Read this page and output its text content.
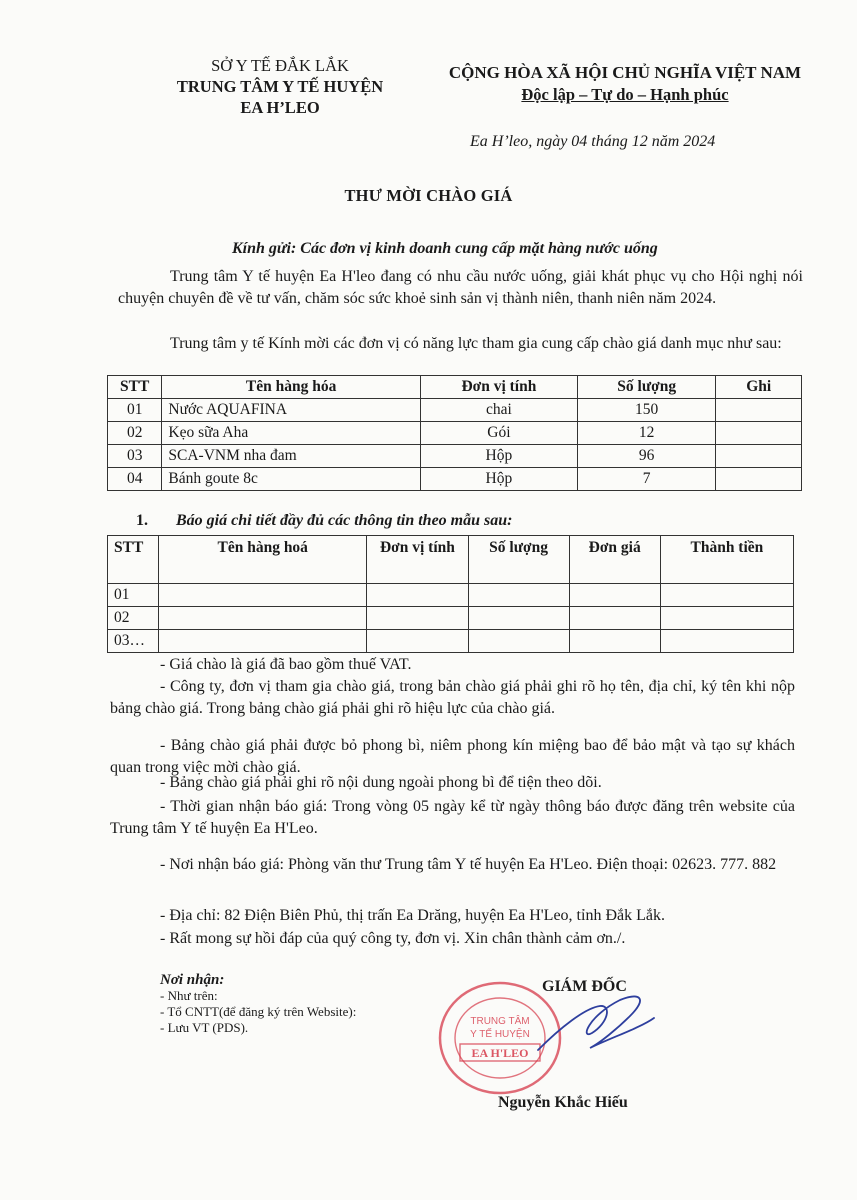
SỞ Y TẾ ĐẮK LẮK
TRUNG TÂM Y TẾ HUYỆN
EA H’LEO
CỘNG HÒA XÃ HỘI CHỦ NGHĨA VIỆT NAM
Độc lập – Tự do – Hạnh phúc
Ea H’leo, ngày 04 tháng 12 năm 2024
THƯ MỜI CHÀO GIÁ
Kính gửi: Các đơn vị kinh doanh cung cấp mặt hàng nước uống
Trung tâm Y tế huyện Ea H'leo đang có nhu cầu nước uống, giải khát phục vụ cho Hội nghị nói chuyện chuyên đề về tư vấn, chăm sóc sức khoẻ sinh sản vị thành niên, thanh niên năm 2024.
Trung tâm y tế Kính mời các đơn vị có năng lực tham gia cung cấp chào giá danh mục như sau:
STT	Tên hàng hóa	Đơn vị tính	Số lượng	Ghi
01	Nước AQUAFINA	chai	150	
02	Kẹo sữa Aha	Gói	12	
03	SCA-VNM nha đam	Hộp	96	
04	Bánh goute 8c	Hộp	7	
1. Báo giá chi tiết đầy đủ các thông tin theo mẫu sau:
STT	Tên hàng hoá	Đơn vị tính	Số lượng	Đơn giá	Thành tiền
01					
02					
03…					
- Giá chào là giá đã bao gồm thuế VAT.
- Công ty, đơn vị tham gia chào giá, trong bản chào giá phải ghi rõ họ tên, địa chỉ, ký tên khi nộp bảng chào giá. Trong bảng chào giá phải ghi rõ hiệu lực của chào giá.
- Bảng chào giá phải được bỏ phong bì, niêm phong kín miệng bao để bảo mật và tạo sự khách quan trong việc mời chào giá.
- Bảng chào giá phải ghi rõ nội dung ngoài phong bì để tiện theo dõi.
- Thời gian nhận báo giá: Trong vòng 05 ngày kể từ ngày thông báo được đăng trên website của Trung tâm Y tế huyện Ea H'Leo.
- Nơi nhận báo giá: Phòng văn thư Trung tâm Y tế huyện Ea H'Leo. Điện thoại: 02623. 777. 882
- Địa chỉ: 82 Điện Biên Phủ, thị trấn Ea Drăng, huyện Ea H'Leo, tỉnh Đắk Lắk.
- Rất mong sự hồi đáp của quý công ty, đơn vị. Xin chân thành cảm ơn./.
Nơi nhận:
- Như trên:
- Tổ CNTT(để đăng ký trên Website):
- Lưu VT (PDS).	TRUNG TÂM
Y TẾ HUYỆN
EA H'LEO
GIÁM ĐỐC
Nguyễn Khắc Hiếu
